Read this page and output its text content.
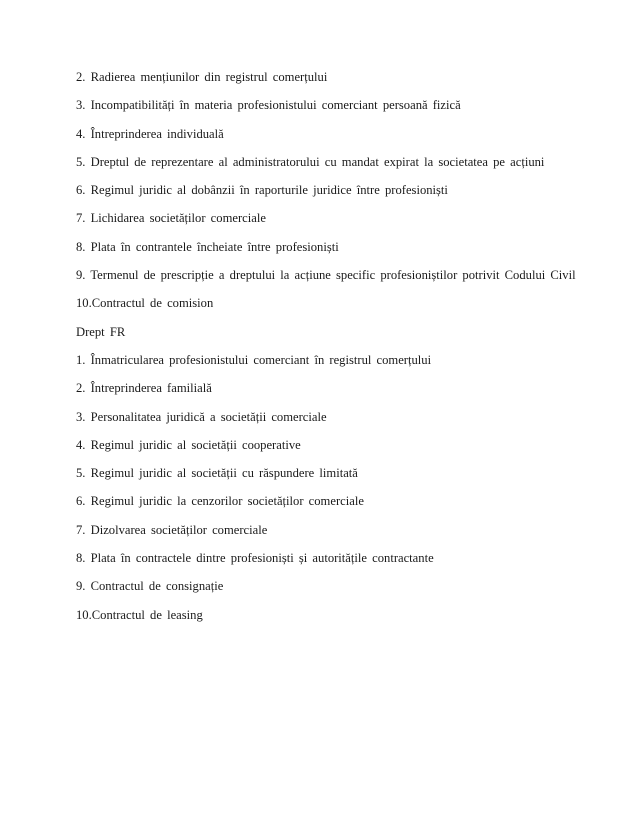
2. Radierea mențiunilor din registrul comerțului
3. Incompatibilități în materia profesionistului comerciant persoană fizică
4. Întreprinderea individuală
5. Dreptul de reprezentare al administratorului cu mandat expirat la societatea pe acțiuni
6. Regimul juridic al dobânzii în raporturile juridice între profesioniști
7. Lichidarea societăților comerciale
8. Plata în contrantele încheiate între profesioniști
9. Termenul de prescripție a dreptului la acțiune specific profesioniștilor potrivit Codului Civil
10.Contractul de comision
Drept FR
1. Înmatricularea profesionistului comerciant în registrul comerțului
2. Întreprinderea familială
3. Personalitatea juridică a societății comerciale
4. Regimul juridic al societății cooperative
5. Regimul juridic al societății cu răspundere limitată
6. Regimul juridic la cenzorilor societăților comerciale
7. Dizolvarea societăților comerciale
8. Plata în contractele dintre profesioniști și autoritățile contractante
9. Contractul de consignație
10.Contractul de leasing
